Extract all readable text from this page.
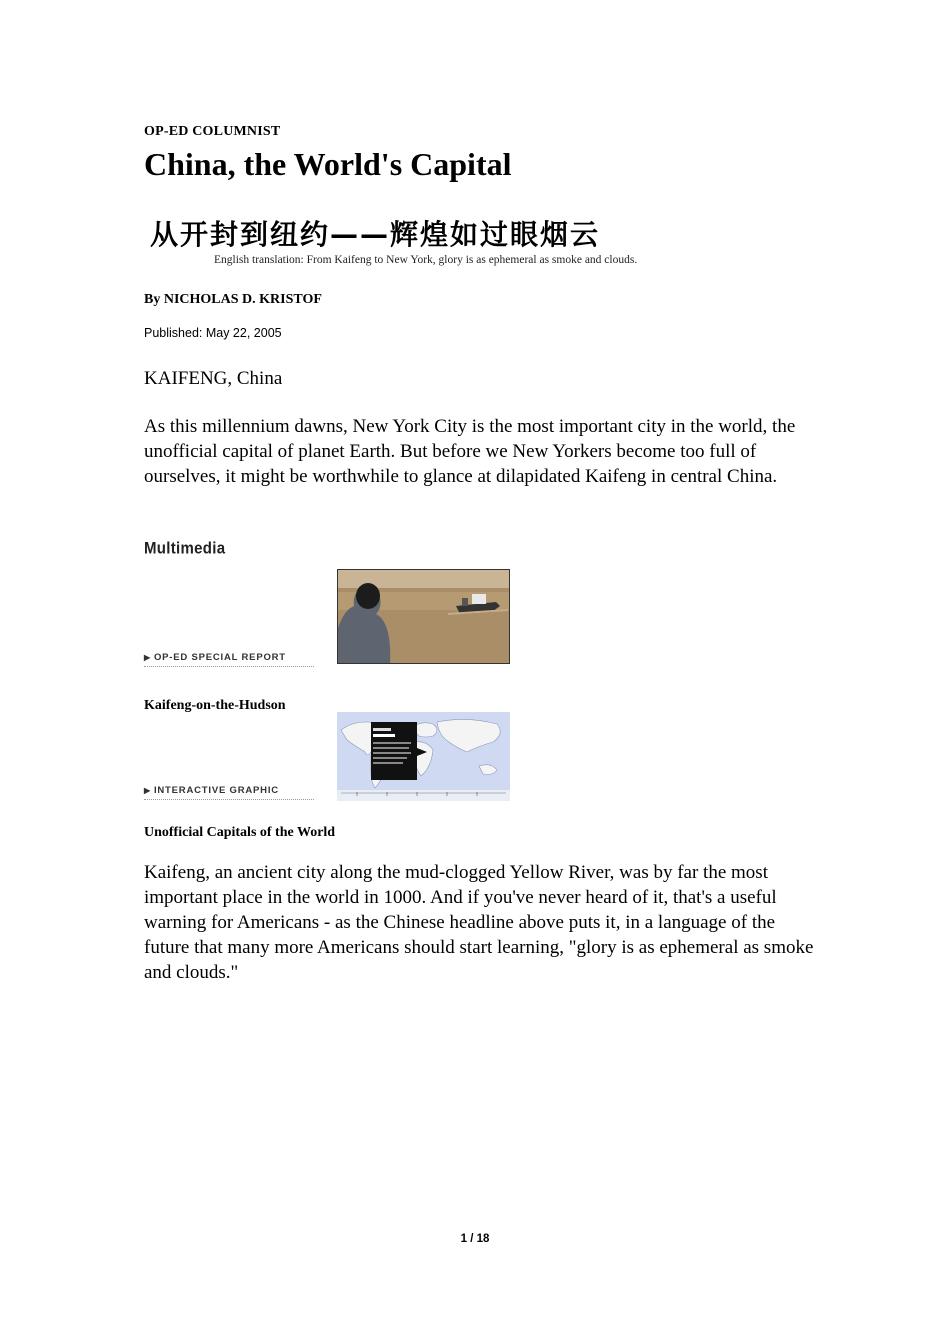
OP-ED COLUMNIST
China, the World's Capital
从开封到纽约——辉煌如过眼烟云
English translation: From Kaifeng to New York, glory is as ephemeral as smoke and clouds.
By NICHOLAS D. KRISTOF
Published: May 22, 2005
KAIFENG, China

As this millennium dawns, New York City is the most important city in the world, the unofficial capital of planet Earth. But before we New Yorkers become too full of ourselves, it might be worthwhile to glance at dilapidated Kaifeng in central China.

Multimedia
▶ OP-ED SPECIAL REPORT
Kaifeng-on-the-Hudson
▶ INTERACTIVE GRAPHIC
Unofficial Capitals of the World

Kaifeng, an ancient city along the mud-clogged Yellow River, was by far the most important place in the world in 1000. And if you've never heard of it, that's a useful warning for Americans - as the Chinese headline above puts it, in a language of the future that many more Americans should start learning, "glory is as ephemeral as smoke and clouds."

1 / 18
